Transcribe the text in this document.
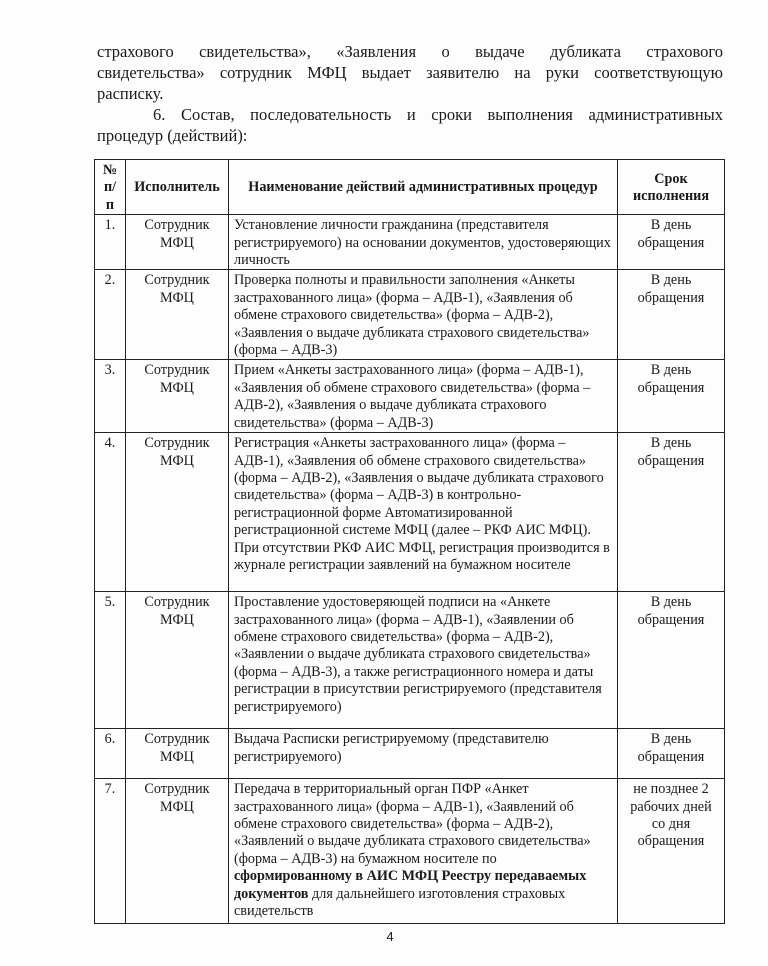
страхового свидетельства», «Заявления о выдаче дубликата страхового
свидетельства» сотрудник МФЦ выдает заявителю на руки соответствующую
расписку.
6. Состав, последовательность и сроки выполнения административных
процедур (действий):
№ п/п	Исполнитель	Наименование действий административных процедур	Срок исполнения
1.	Сотрудник МФЦ	Установление личности гражданина (представителя регистрируемого) на основании документов, удостоверяющих личность	В день обращения
2.	Сотрудник МФЦ	Проверка полноты и правильности заполнения «Анкеты застрахованного лица» (форма – АДВ-1), «Заявления об обмене страхового свидетельства» (форма – АДВ-2), «Заявления о выдаче дубликата страхового свидетельства» (форма – АДВ-3)	В день обращения
3.	Сотрудник МФЦ	Прием «Анкеты застрахованного лица» (форма – АДВ-1), «Заявления об обмене страхового свидетельства» (форма – АДВ-2), «Заявления о выдаче дубликата страхового свидетельства» (форма – АДВ-3)	В день обращения
4.	Сотрудник МФЦ	Регистрация «Анкеты застрахованного лица» (форма – АДВ-1), «Заявления об обмене страхового свидетельства» (форма – АДВ-2), «Заявления о выдаче дубликата страхового свидетельства» (форма – АДВ-3) в контрольно-регистрационной форме Автоматизированной регистрационной системе МФЦ (далее – РКФ АИС МФЦ). При отсутствии РКФ АИС МФЦ, регистрация производится в журнале регистрации заявлений на бумажном носителе	В день обращения
5.	Сотрудник МФЦ	Проставление удостоверяющей подписи на «Анкете застрахованного лица» (форма – АДВ-1), «Заявлении об обмене страхового свидетельства» (форма – АДВ-2), «Заявлении о выдаче дубликата страхового свидетельства» (форма – АДВ-3), а также регистрационного номера и даты регистрации в присутствии регистрируемого (представителя регистрируемого)	В день обращения
6.	Сотрудник МФЦ	Выдача Расписки регистрируемому (представителю регистрируемого)	В день обращения
7.	Сотрудник МФЦ	Передача в территориальный орган ПФР «Анкет застрахованного лица» (форма – АДВ-1), «Заявлений об обмене страхового свидетельства» (форма – АДВ-2), «Заявлений о выдаче дубликата страхового свидетельства» (форма – АДВ-3) на бумажном носителе по сформированному в АИС МФЦ Реестру передаваемых документов для дальнейшего изготовления страховых свидетельств	не позднее 2 рабочих дней со дня обращения
4
